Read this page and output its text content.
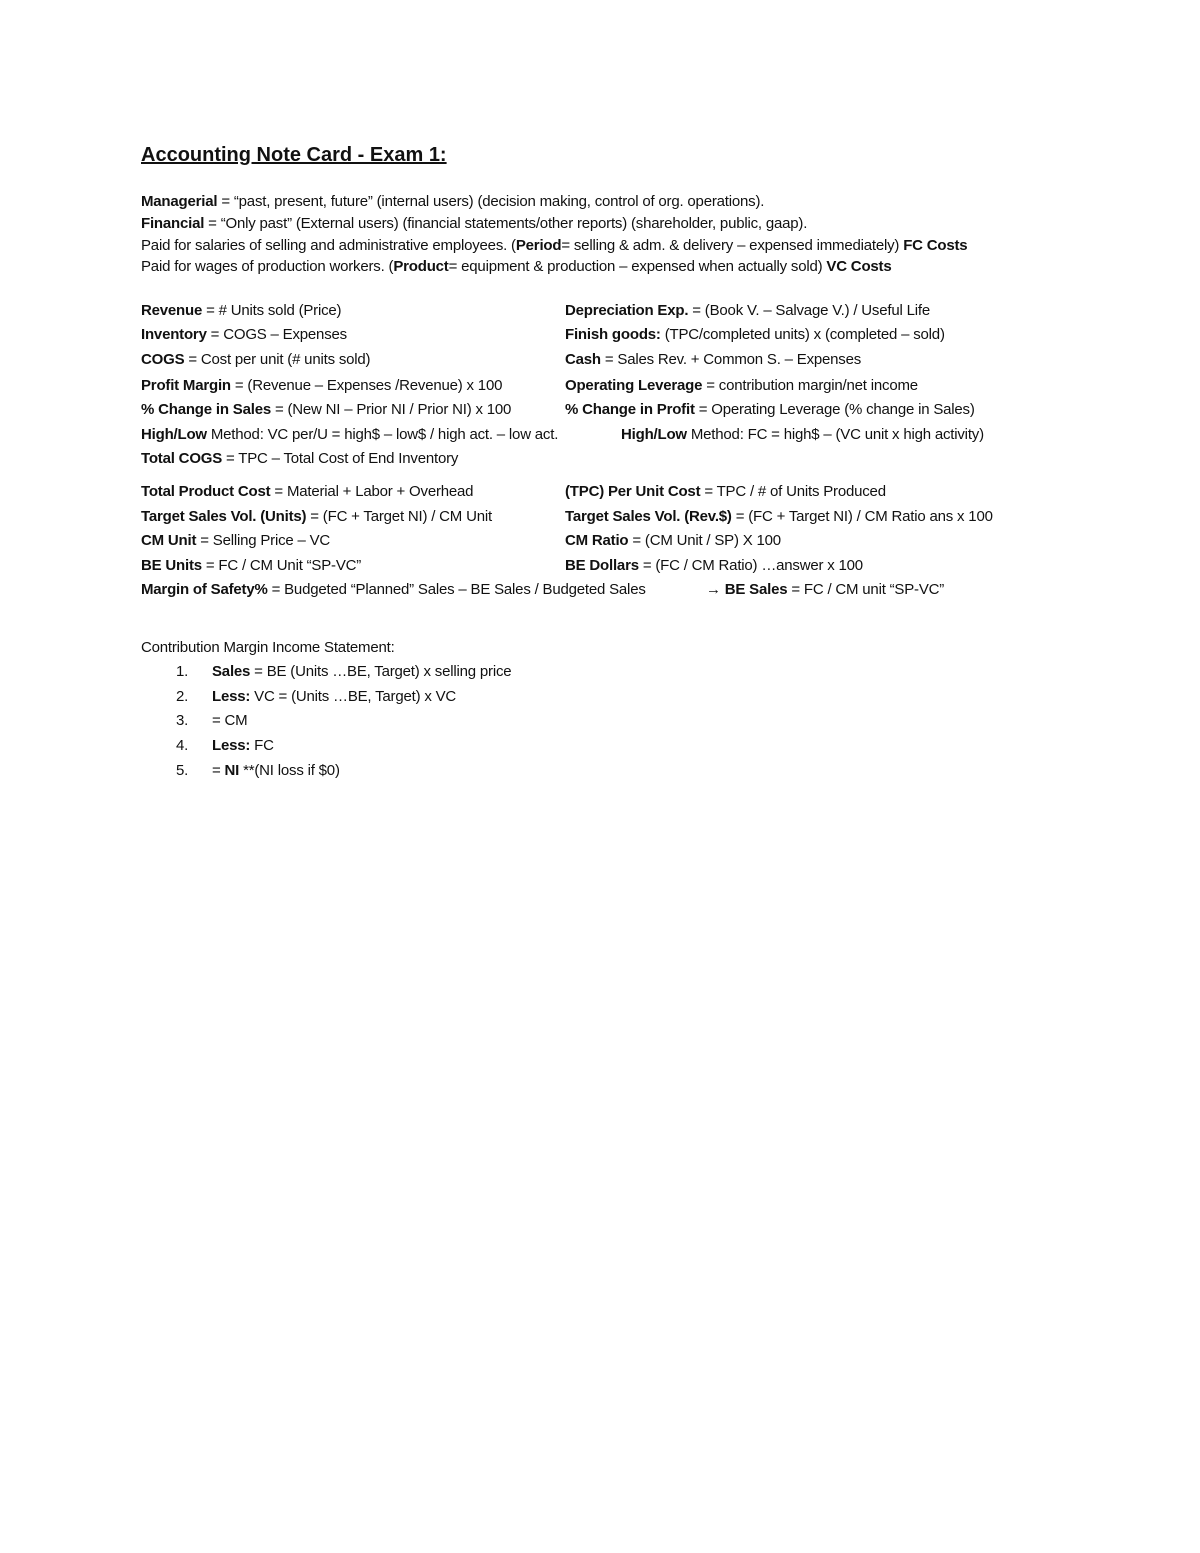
Accounting Note Card - Exam 1:
Managerial = “past, present, future” (internal users) (decision making, control of org. operations).
Financial = “Only past” (External users) (financial statements/other reports) (shareholder, public, gaap).
Paid for salaries of selling and administrative employees. (Period= selling & adm. & delivery – expensed immediately) FC Costs
Paid for wages of production workers. (Product= equipment & production – expensed when actually sold) VC Costs
Revenue = # Units sold (Price)	Depreciation Exp. = (Book V. – Salvage V.) / Useful Life
Inventory = COGS – Expenses	Finish goods: (TPC/completed units) x (completed – sold)
COGS = Cost per unit (# units sold)	Cash = Sales Rev. + Common S. – Expenses
Profit Margin = (Revenue – Expenses /Revenue) x 100	Operating Leverage = contribution margin/net income
% Change in Sales = (New NI – Prior NI / Prior NI) x 100	% Change in Profit = Operating Leverage (% change in Sales)
High/Low Method: VC per/U = high$ – low$ / high act. – low act.	High/Low Method: FC = high$ – (VC unit x high activity)
Total COGS = TPC – Total Cost of End Inventory
Total Product Cost = Material + Labor + Overhead	(TPC) Per Unit Cost = TPC / # of Units Produced
Target Sales Vol. (Units) = (FC + Target NI) / CM Unit	Target Sales Vol. (Rev.$) = (FC + Target NI) / CM Ratio ans x 100
CM Unit = Selling Price – VC	CM Ratio = (CM Unit / SP) X 100
BE Units = FC / CM Unit “SP-VC”	BE Dollars = (FC / CM Ratio) …answer x 100
Margin of Safety% = Budgeted “Planned” Sales – BE Sales / Budgeted Sales	→ BE Sales = FC / CM unit “SP-VC”
Contribution Margin Income Statement:
1. Sales = BE (Units …BE, Target) x selling price
2. Less: VC = (Units …BE, Target) x VC
3. = CM
4. Less: FC
5. = NI **(NI loss if $0)
